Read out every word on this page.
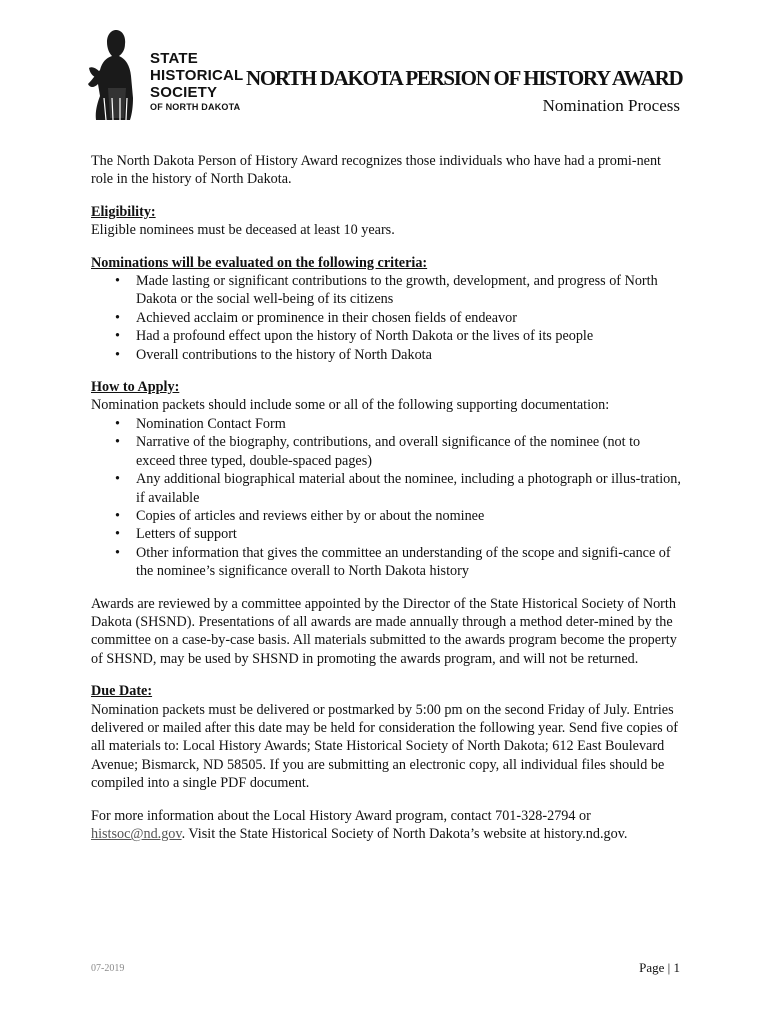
STATE
HISTORICAL
SOCIETY
OF NORTH DAKOTA
NORTH DAKOTA PERSION OF HISTORY AWARD
Nomination Process

The North Dakota Person of History Award recognizes those individuals who have had a promi-nent role in the history of North Dakota.

Eligibility:

Eligible nominees must be deceased at least 10 years.

Nominations will be evaluated on the following criteria:

• Made lasting or significant contributions to the growth, development, and progress of North Dakota or the social well-being of its citizens
• Achieved acclaim or prominence in their chosen fields of endeavor
• Had a profound effect upon the history of North Dakota or the lives of its people
• Overall contributions to the history of North Dakota

How to Apply:

Nomination packets should include some or all of the following supporting documentation:

• Nomination Contact Form
• Narrative of the biography, contributions, and overall significance of the nominee (not to exceed three typed, double-spaced pages)
• Any additional biographical material about the nominee, including a photograph or illus-tration, if available
• Copies of articles and reviews either by or about the nominee
• Letters of support
• Other information that gives the committee an understanding of the scope and signifi-cance of the nominee’s significance overall to North Dakota history

Awards are reviewed by a committee appointed by the Director of the State Historical Society of North Dakota (SHSND). Presentations of all awards are made annually through a method deter-mined by the committee on a case-by-case basis. All materials submitted to the awards program become the property of SHSND, may be used by SHSND in promoting the awards program, and will not be returned.

Due Date:

Nomination packets must be delivered or postmarked by 5:00 pm on the second Friday of July. Entries delivered or mailed after this date may be held for consideration the following year. Send five copies of all materials to: Local History Awards; State Historical Society of North Dakota; 612 East Boulevard Avenue; Bismarck, ND 58505. If you are submitting an electronic copy, all individual files should be compiled into a single PDF document.

For more information about the Local History Award program, contact 701-328-2794 or histsoc@nd.gov. Visit the State Historical Society of North Dakota’s website at history.nd.gov.

07-2019	Page | 1
